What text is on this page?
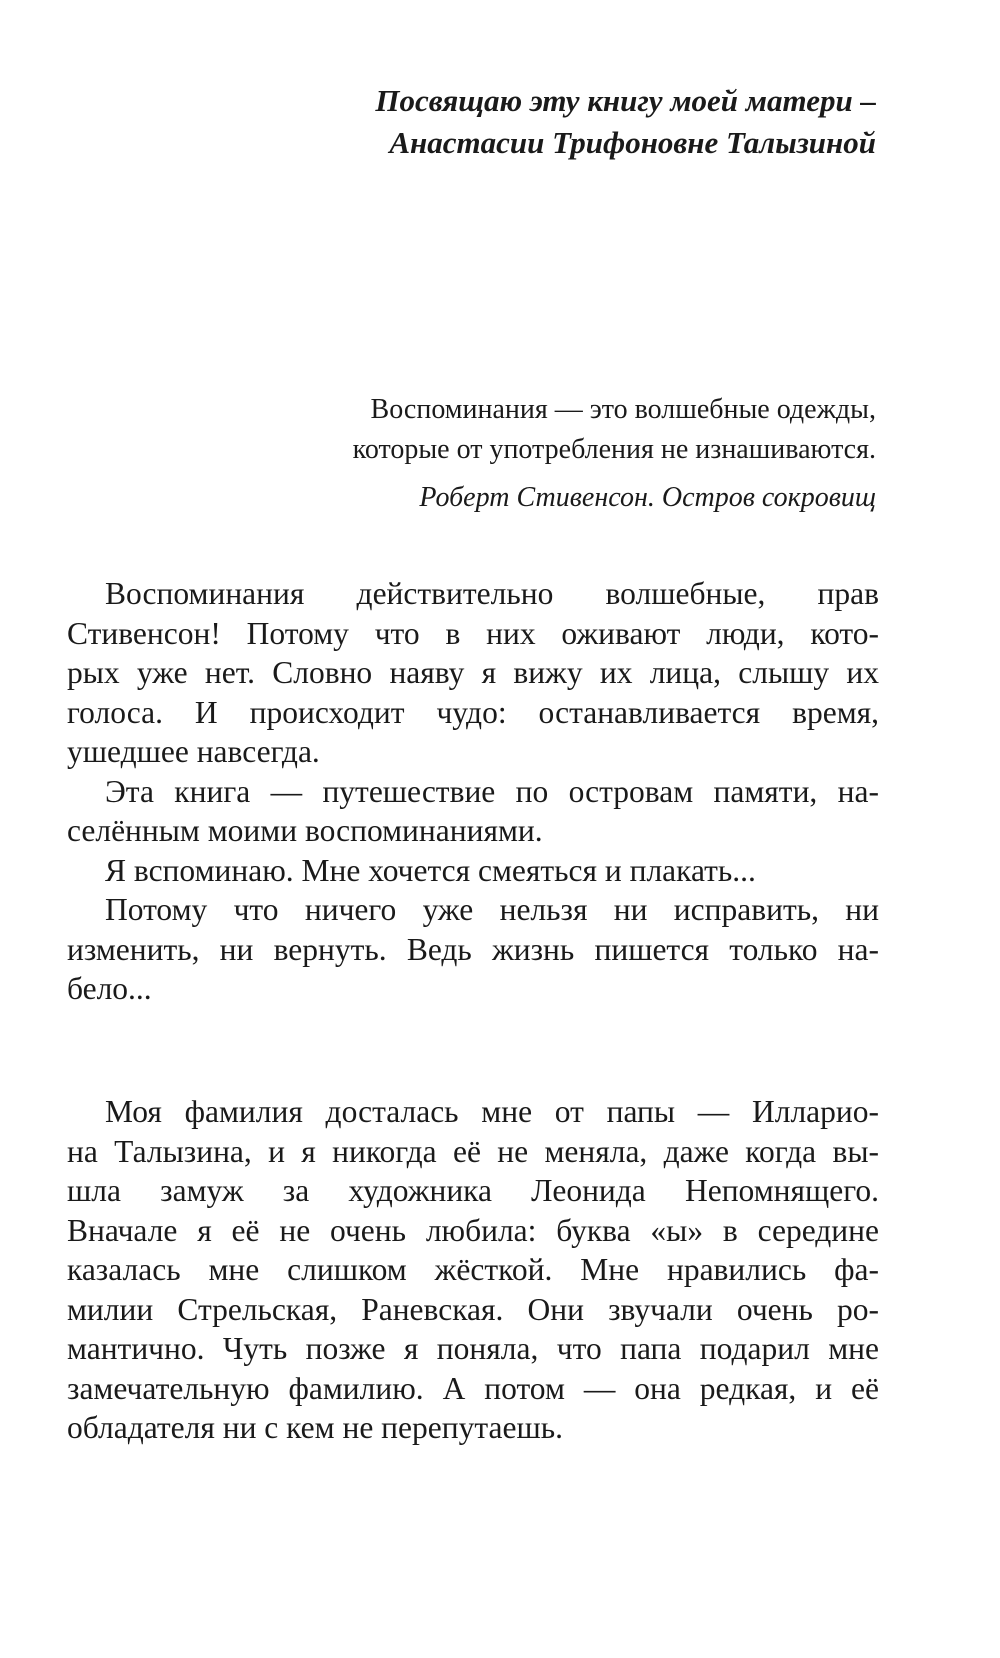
Посвящаю эту книгу моей матери –
Анастасии Трифоновне Талызиной
Воспоминания — это волшебные одежды,
которые от употребления не изнашиваются.
Роберт Стивенсон. Остров сокровищ
Воспоминания действительно волшебные, прав
Стивенсон! Потому что в них оживают люди, кото-
рых уже нет. Словно наяву я вижу их лица, слышу их
голоса. И происходит чудо: останавливается время,
ушедшее навсегда.
Эта книга — путешествие по островам памяти, на-
селённым моими воспоминаниями.
Я вспоминаю. Мне хочется смеяться и плакать...
Потому что ничего уже нельзя ни исправить, ни
изменить, ни вернуть. Ведь жизнь пишется только на-
бело...
Моя фамилия досталась мне от папы — Илларио-
на Талызина, и я никогда её не меняла, даже когда вы-
шла замуж за художника Леонида Непомнящего.
Вначале я её не очень любила: буква «ы» в середине
казалась мне слишком жёсткой. Мне нравились фа-
милии Стрельская, Раневская. Они звучали очень ро-
мантично. Чуть позже я поняла, что папа подарил мне
замечательную фамилию. А потом — она редкая, и её
обладателя ни с кем не перепутаешь.
